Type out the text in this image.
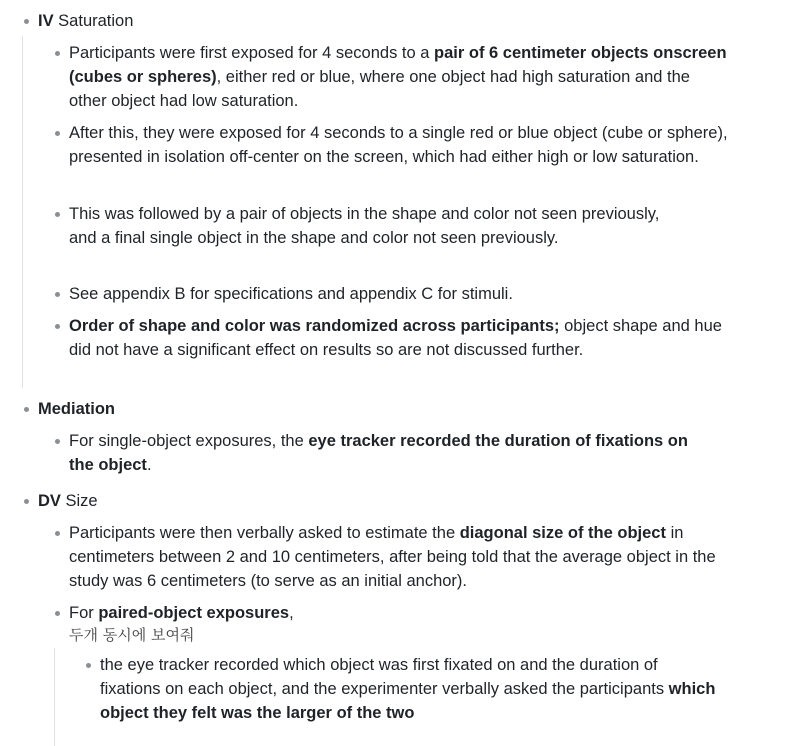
IV Saturation
Participants were first exposed for 4 seconds to a pair of 6 centimeter objects onscreen (cubes or spheres), either red or blue, where one object had high saturation and the other object had low saturation.
After this, they were exposed for 4 seconds to a single red or blue object (cube or sphere), presented in isolation off-center on the screen, which had either high or low saturation.
This was followed by a pair of objects in the shape and color not seen previously, and a final single object in the shape and color not seen previously.
See appendix B for specifications and appendix C for stimuli.
Order of shape and color was randomized across participants; object shape and hue did not have a significant effect on results so are not discussed further.
Mediation
For single-object exposures, the eye tracker recorded the duration of fixations on the object.
DV Size
Participants were then verbally asked to estimate the diagonal size of the object in centimeters between 2 and 10 centimeters, after being told that the average object in the study was 6 centimeters (to serve as an initial anchor).
For paired-object exposures,
두개 동시에 보여줘
the eye tracker recorded which object was first fixated on and the duration of fixations on each object, and the experimenter verbally asked the participants which object they felt was the larger of the two
